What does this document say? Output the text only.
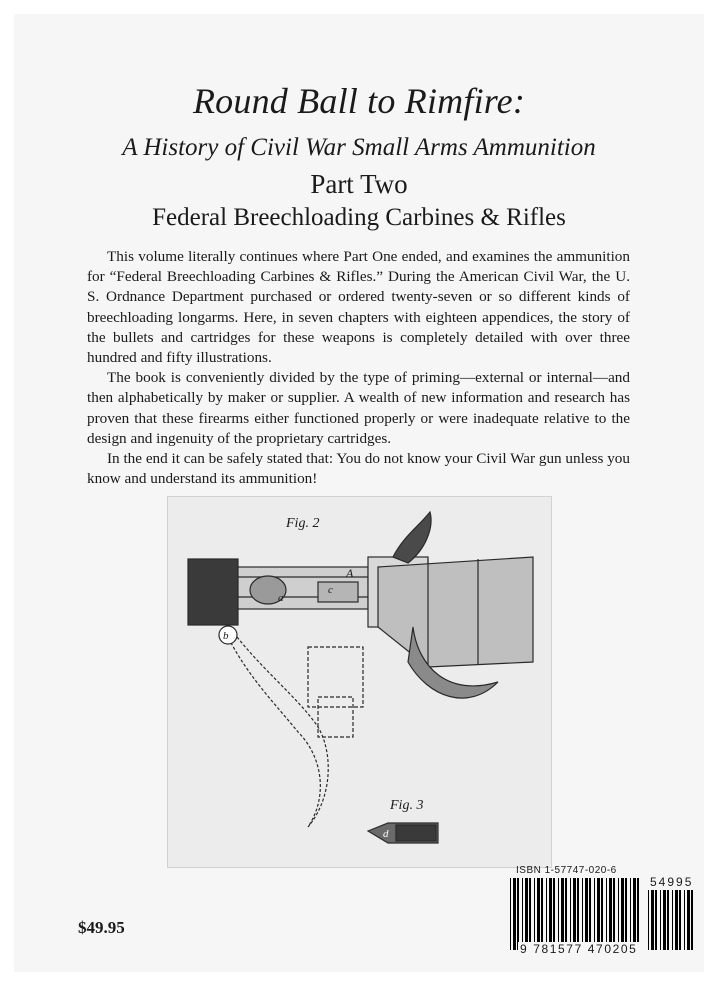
Round Ball to Rimfire:
A History of Civil War Small Arms Ammunition
Part Two
Federal Breechloading Carbines & Rifles

This volume literally continues where Part One ended, and examines the ammunition for “Federal Breechloading Carbines & Rifles.” During the American Civil War, the U. S. Ordnance Department purchased or ordered twenty-seven or so different kinds of breechloading longarms. Here, in seven chapters with eighteen appendices, the story of the bullets and cartridges for these weapons is completely detailed with over three hundred and fifty illustrations.

The book is conveniently divided by the type of priming—external or internal—and then alphabetically by maker or supplier. A wealth of new information and research has proven that these firearms either functioned properly or were inadequate relative to the design and ingenuity of the proprietary cartridges.

In the end it can be safely stated that: You do not know your Civil War gun unless you know and understand its ammunition!

Fig. 2
Fig. 3
A
a
b
c
d
ISBN 1-57747-020-6
9 781577 470205
54995
$49.95
